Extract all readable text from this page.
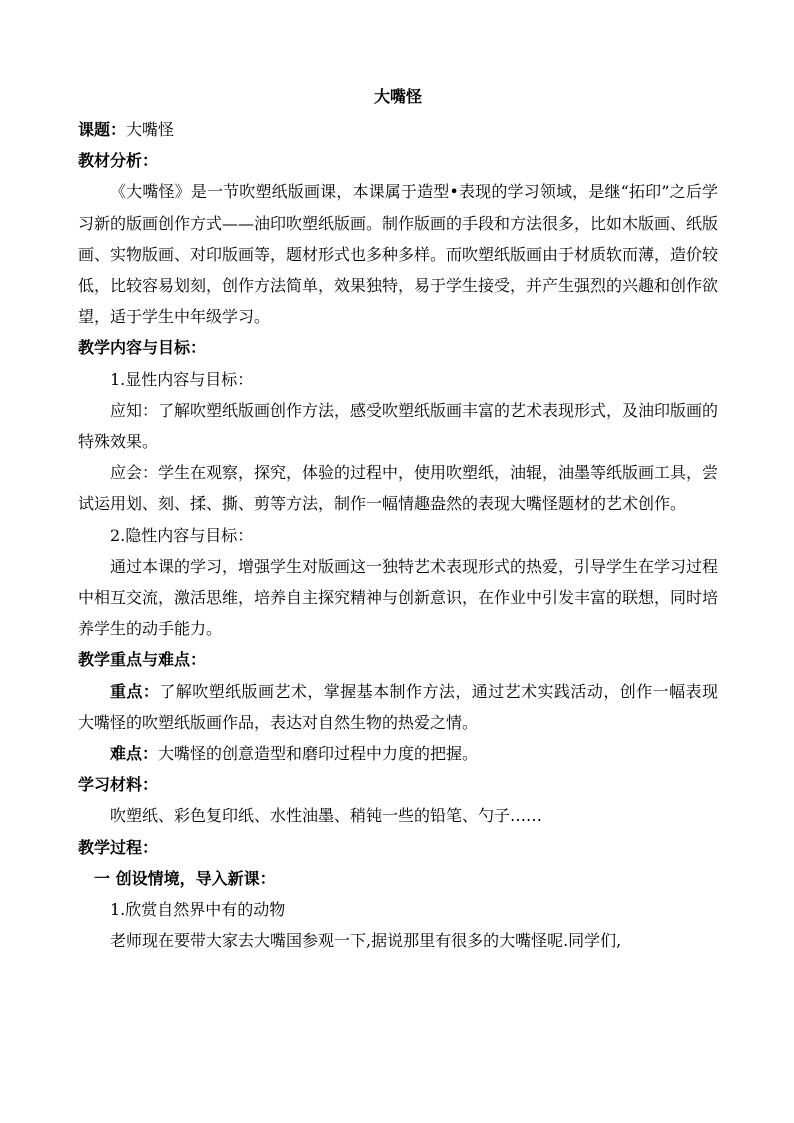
大嘴怪

课题：大嘴怪

教材分析：

《大嘴怪》是一节吹塑纸版画课，本课属于造型•表现的学习领域，是继“拓印”之后学习新的版画创作方式——油印吹塑纸版画。制作版画的手段和方法很多，比如木版画、纸版画、实物版画、对印版画等，题材形式也多种多样。而吹塑纸版画由于材质软而薄，造价较低，比较容易划刻，创作方法简单，效果独特，易于学生接受，并产生强烈的兴趣和创作欲望，适于学生中年级学习。

教学内容与目标：

1.显性内容与目标：

应知：了解吹塑纸版画创作方法，感受吹塑纸版画丰富的艺术表现形式，及油印版画的特殊效果。

应会：学生在观察，探究，体验的过程中，使用吹塑纸，油辊，油墨等纸版画工具，尝试运用划、刻、揉、撕、剪等方法，制作一幅情趣盎然的表现大嘴怪题材的艺术创作。

2.隐性内容与目标：

通过本课的学习，增强学生对版画这一独特艺术表现形式的热爱，引导学生在学习过程中相互交流，激活思维，培养自主探究精神与创新意识，在作业中引发丰富的联想，同时培养学生的动手能力。

教学重点与难点：

重点：了解吹塑纸版画艺术，掌握基本制作方法，通过艺术实践活动，创作一幅表现大嘴怪的吹塑纸版画作品，表达对自然生物的热爱之情。

难点：大嘴怪的创意造型和磨印过程中力度的把握。

学习材料：

吹塑纸、彩色复印纸、水性油墨、稍钝一些的铅笔、勺子……

教学过程：

一 创设情境，导入新课：

1.欣赏自然界中有的动物

老师现在要带大家去大嘴国参观一下,据说那里有很多的大嘴怪呢.同学们,
